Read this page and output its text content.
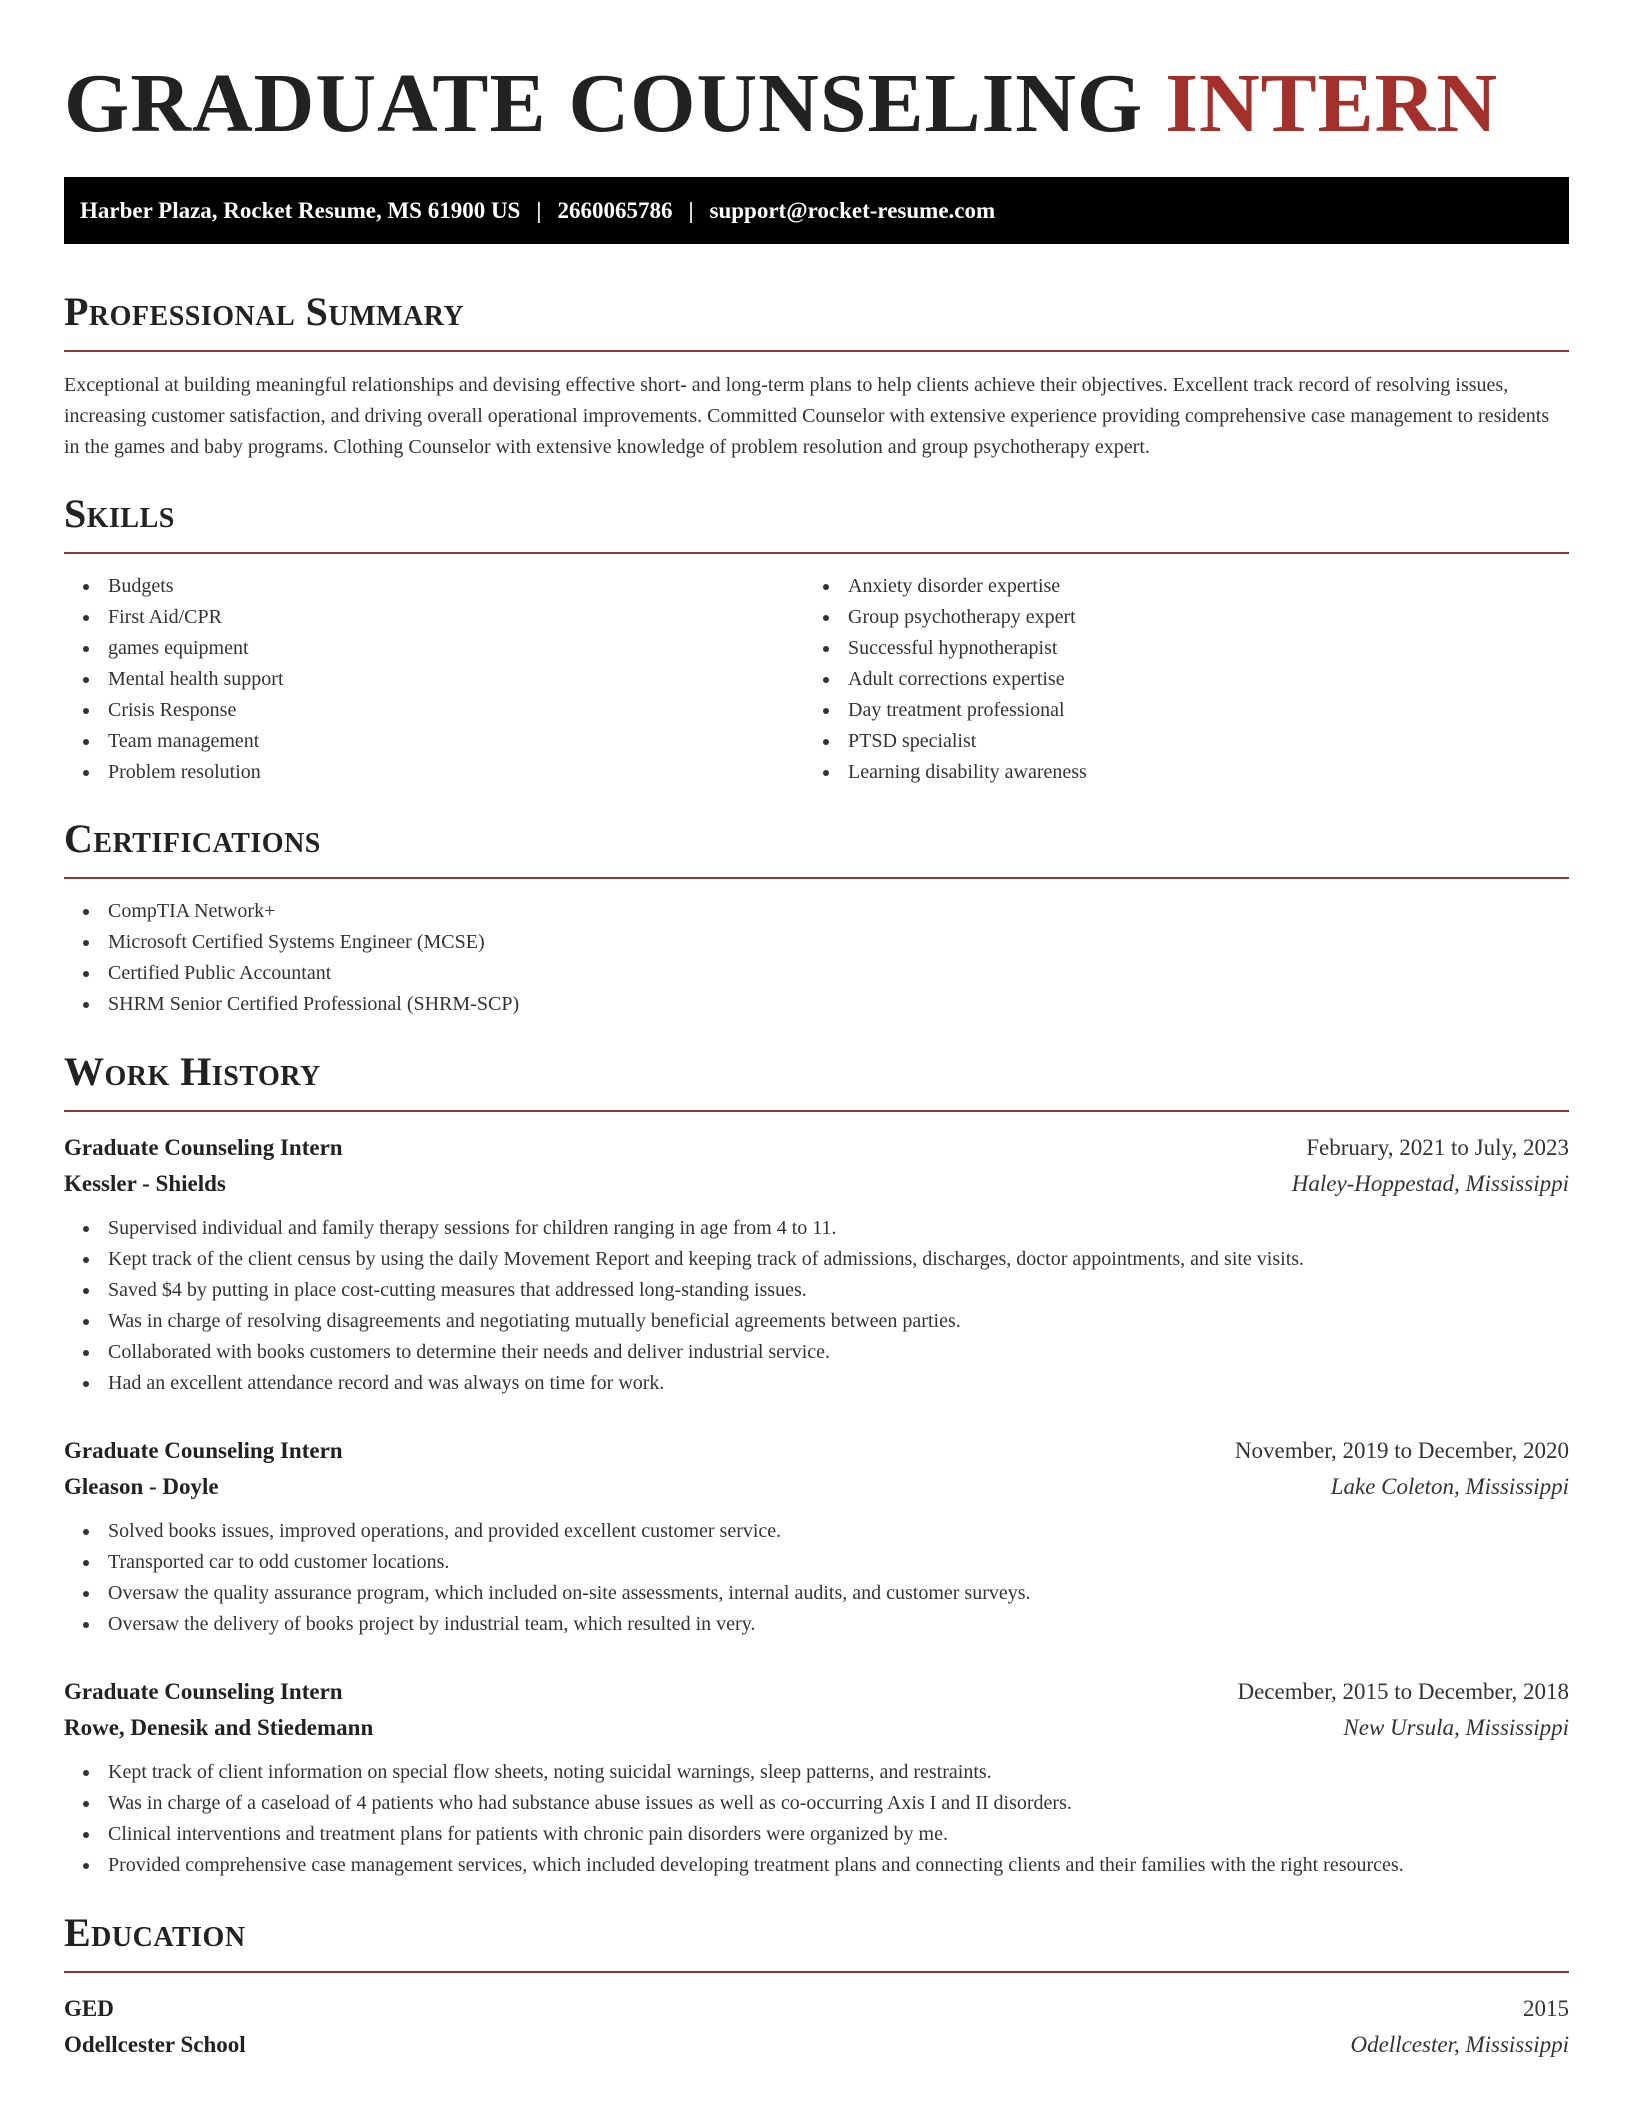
GRADUATE COUNSELING INTERN
Harber Plaza, Rocket Resume, MS 61900 US | 2660065786 | support@rocket-resume.com
Professional Summary

Exceptional at building meaningful relationships and devising effective short- and long-term plans to help clients achieve their objectives. Excellent track record of resolving issues, increasing customer satisfaction, and driving overall operational improvements. Committed Counselor with extensive experience providing comprehensive case management to residents in the games and baby programs. Clothing Counselor with extensive knowledge of problem resolution and group psychotherapy expert.

Skills
Budgets
First Aid/CPR
games equipment
Mental health support
Crisis Response
Team management
Problem resolution
Anxiety disorder expertise
Group psychotherapy expert
Successful hypnotherapist
Adult corrections expertise
Day treatment professional
PTSD specialist
Learning disability awareness
Certifications
CompTIA Network+
Microsoft Certified Systems Engineer (MCSE)
Certified Public Accountant
SHRM Senior Certified Professional (SHRM-SCP)
Work History
Graduate Counseling Intern	February, 2021 to July, 2023
Kessler - Shields	Haley-Hoppestad, Mississippi
Supervised individual and family therapy sessions for children ranging in age from 4 to 11.
Kept track of the client census by using the daily Movement Report and keeping track of admissions, discharges, doctor appointments, and site visits.
Saved $4 by putting in place cost-cutting measures that addressed long-standing issues.
Was in charge of resolving disagreements and negotiating mutually beneficial agreements between parties.
Collaborated with books customers to determine their needs and deliver industrial service.
Had an excellent attendance record and was always on time for work.
Graduate Counseling Intern	November, 2019 to December, 2020
Gleason - Doyle	Lake Coleton, Mississippi
Solved books issues, improved operations, and provided excellent customer service.
Transported car to odd customer locations.
Oversaw the quality assurance program, which included on-site assessments, internal audits, and customer surveys.
Oversaw the delivery of books project by industrial team, which resulted in very.
Graduate Counseling Intern	December, 2015 to December, 2018
Rowe, Denesik and Stiedemann	New Ursula, Mississippi
Kept track of client information on special flow sheets, noting suicidal warnings, sleep patterns, and restraints.
Was in charge of a caseload of 4 patients who had substance abuse issues as well as co-occurring Axis I and II disorders.
Clinical interventions and treatment plans for patients with chronic pain disorders were organized by me.
Provided comprehensive case management services, which included developing treatment plans and connecting clients and their families with the right resources.
Education
GED	2015
Odellcester School	Odellcester, Mississippi
